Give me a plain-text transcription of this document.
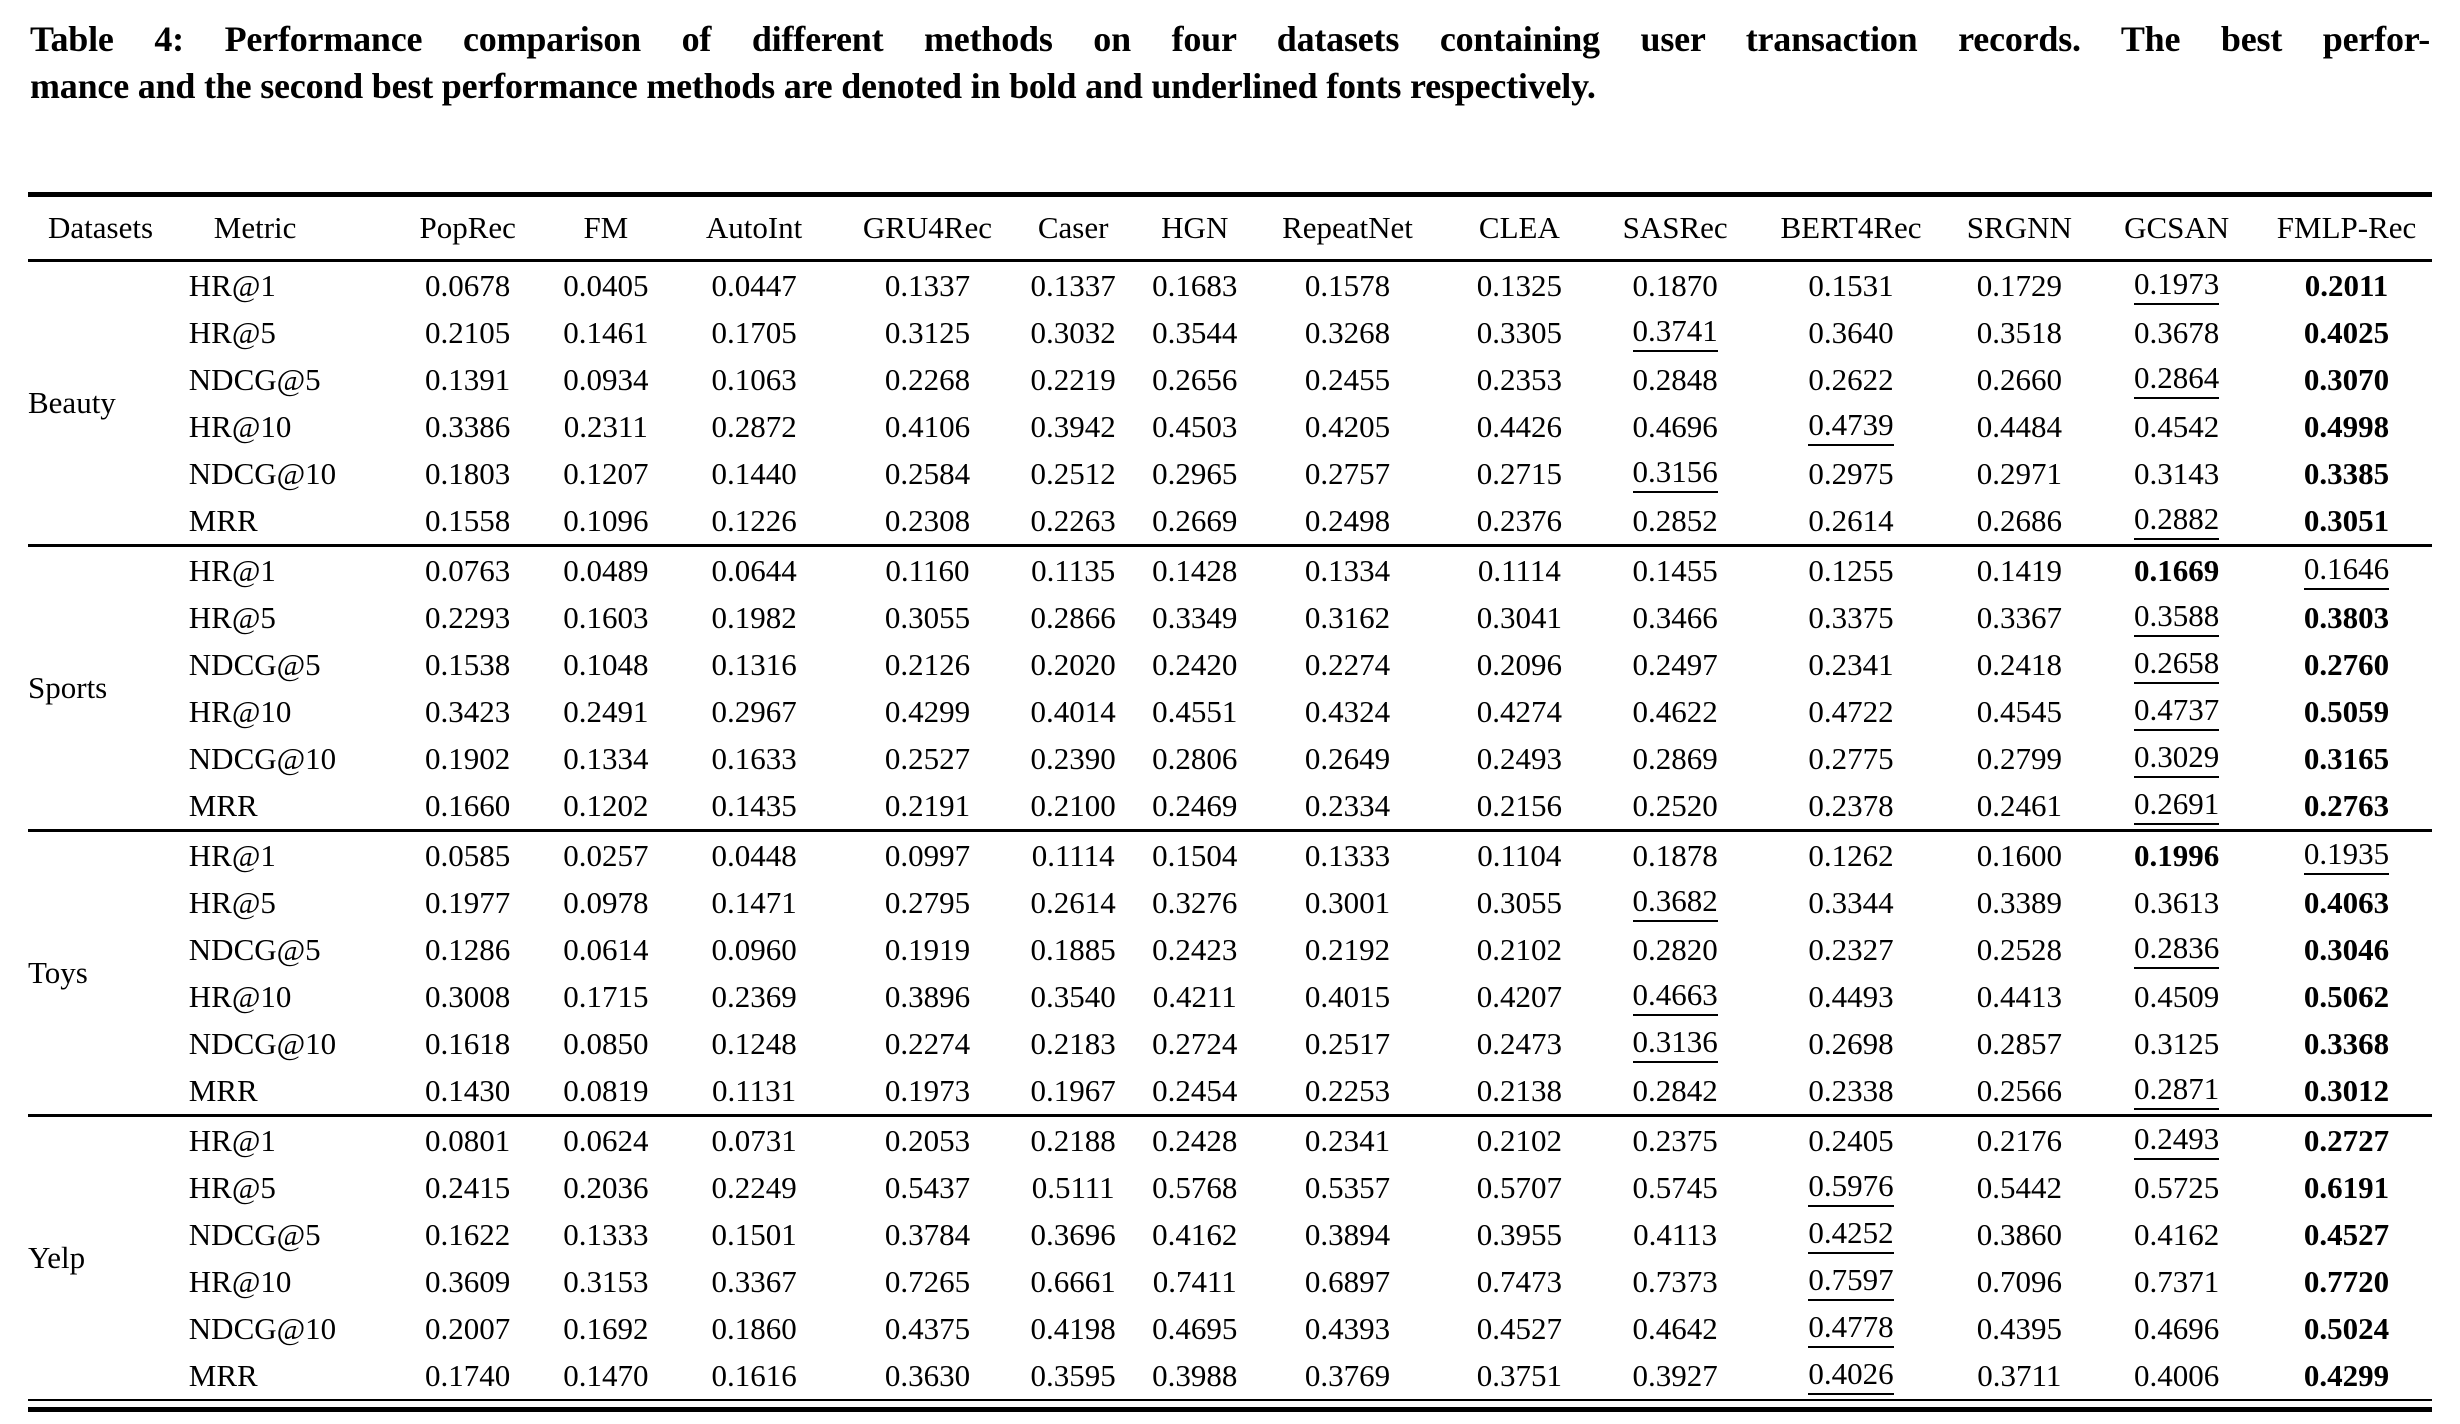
Table 4: Performance comparison of different methods on four datasets containing user transaction records. The best perfor-
mance and the second best performance methods are denoted in bold and underlined fonts respectively.
Datasets	Metric	PopRec	FM	AutoInt	GRU4Rec	Caser	HGN	RepeatNet	CLEA	SASRec	BERT4Rec	SRGNN	GCSAN	FMLP-Rec
Beauty	HR@1	0.0678	0.0405	0.0447	0.1337	0.1337	0.1683	0.1578	0.1325	0.1870	0.1531	0.1729	0.1973	0.2011
	HR@5	0.2105	0.1461	0.1705	0.3125	0.3032	0.3544	0.3268	0.3305	0.3741	0.3640	0.3518	0.3678	0.4025
	NDCG@5	0.1391	0.0934	0.1063	0.2268	0.2219	0.2656	0.2455	0.2353	0.2848	0.2622	0.2660	0.2864	0.3070
	HR@10	0.3386	0.2311	0.2872	0.4106	0.3942	0.4503	0.4205	0.4426	0.4696	0.4739	0.4484	0.4542	0.4998
	NDCG@10	0.1803	0.1207	0.1440	0.2584	0.2512	0.2965	0.2757	0.2715	0.3156	0.2975	0.2971	0.3143	0.3385
	MRR	0.1558	0.1096	0.1226	0.2308	0.2263	0.2669	0.2498	0.2376	0.2852	0.2614	0.2686	0.2882	0.3051
Sports	HR@1	0.0763	0.0489	0.0644	0.1160	0.1135	0.1428	0.1334	0.1114	0.1455	0.1255	0.1419	0.1669	0.1646
	HR@5	0.2293	0.1603	0.1982	0.3055	0.2866	0.3349	0.3162	0.3041	0.3466	0.3375	0.3367	0.3588	0.3803
	NDCG@5	0.1538	0.1048	0.1316	0.2126	0.2020	0.2420	0.2274	0.2096	0.2497	0.2341	0.2418	0.2658	0.2760
	HR@10	0.3423	0.2491	0.2967	0.4299	0.4014	0.4551	0.4324	0.4274	0.4622	0.4722	0.4545	0.4737	0.5059
	NDCG@10	0.1902	0.1334	0.1633	0.2527	0.2390	0.2806	0.2649	0.2493	0.2869	0.2775	0.2799	0.3029	0.3165
	MRR	0.1660	0.1202	0.1435	0.2191	0.2100	0.2469	0.2334	0.2156	0.2520	0.2378	0.2461	0.2691	0.2763
Toys	HR@1	0.0585	0.0257	0.0448	0.0997	0.1114	0.1504	0.1333	0.1104	0.1878	0.1262	0.1600	0.1996	0.1935
	HR@5	0.1977	0.0978	0.1471	0.2795	0.2614	0.3276	0.3001	0.3055	0.3682	0.3344	0.3389	0.3613	0.4063
	NDCG@5	0.1286	0.0614	0.0960	0.1919	0.1885	0.2423	0.2192	0.2102	0.2820	0.2327	0.2528	0.2836	0.3046
	HR@10	0.3008	0.1715	0.2369	0.3896	0.3540	0.4211	0.4015	0.4207	0.4663	0.4493	0.4413	0.4509	0.5062
	NDCG@10	0.1618	0.0850	0.1248	0.2274	0.2183	0.2724	0.2517	0.2473	0.3136	0.2698	0.2857	0.3125	0.3368
	MRR	0.1430	0.0819	0.1131	0.1973	0.1967	0.2454	0.2253	0.2138	0.2842	0.2338	0.2566	0.2871	0.3012
Yelp	HR@1	0.0801	0.0624	0.0731	0.2053	0.2188	0.2428	0.2341	0.2102	0.2375	0.2405	0.2176	0.2493	0.2727
	HR@5	0.2415	0.2036	0.2249	0.5437	0.5111	0.5768	0.5357	0.5707	0.5745	0.5976	0.5442	0.5725	0.6191
	NDCG@5	0.1622	0.1333	0.1501	0.3784	0.3696	0.4162	0.3894	0.3955	0.4113	0.4252	0.3860	0.4162	0.4527
	HR@10	0.3609	0.3153	0.3367	0.7265	0.6661	0.7411	0.6897	0.7473	0.7373	0.7597	0.7096	0.7371	0.7720
	NDCG@10	0.2007	0.1692	0.1860	0.4375	0.4198	0.4695	0.4393	0.4527	0.4642	0.4778	0.4395	0.4696	0.5024
	MRR	0.1740	0.1470	0.1616	0.3630	0.3595	0.3988	0.3769	0.3751	0.3927	0.4026	0.3711	0.4006	0.4299
